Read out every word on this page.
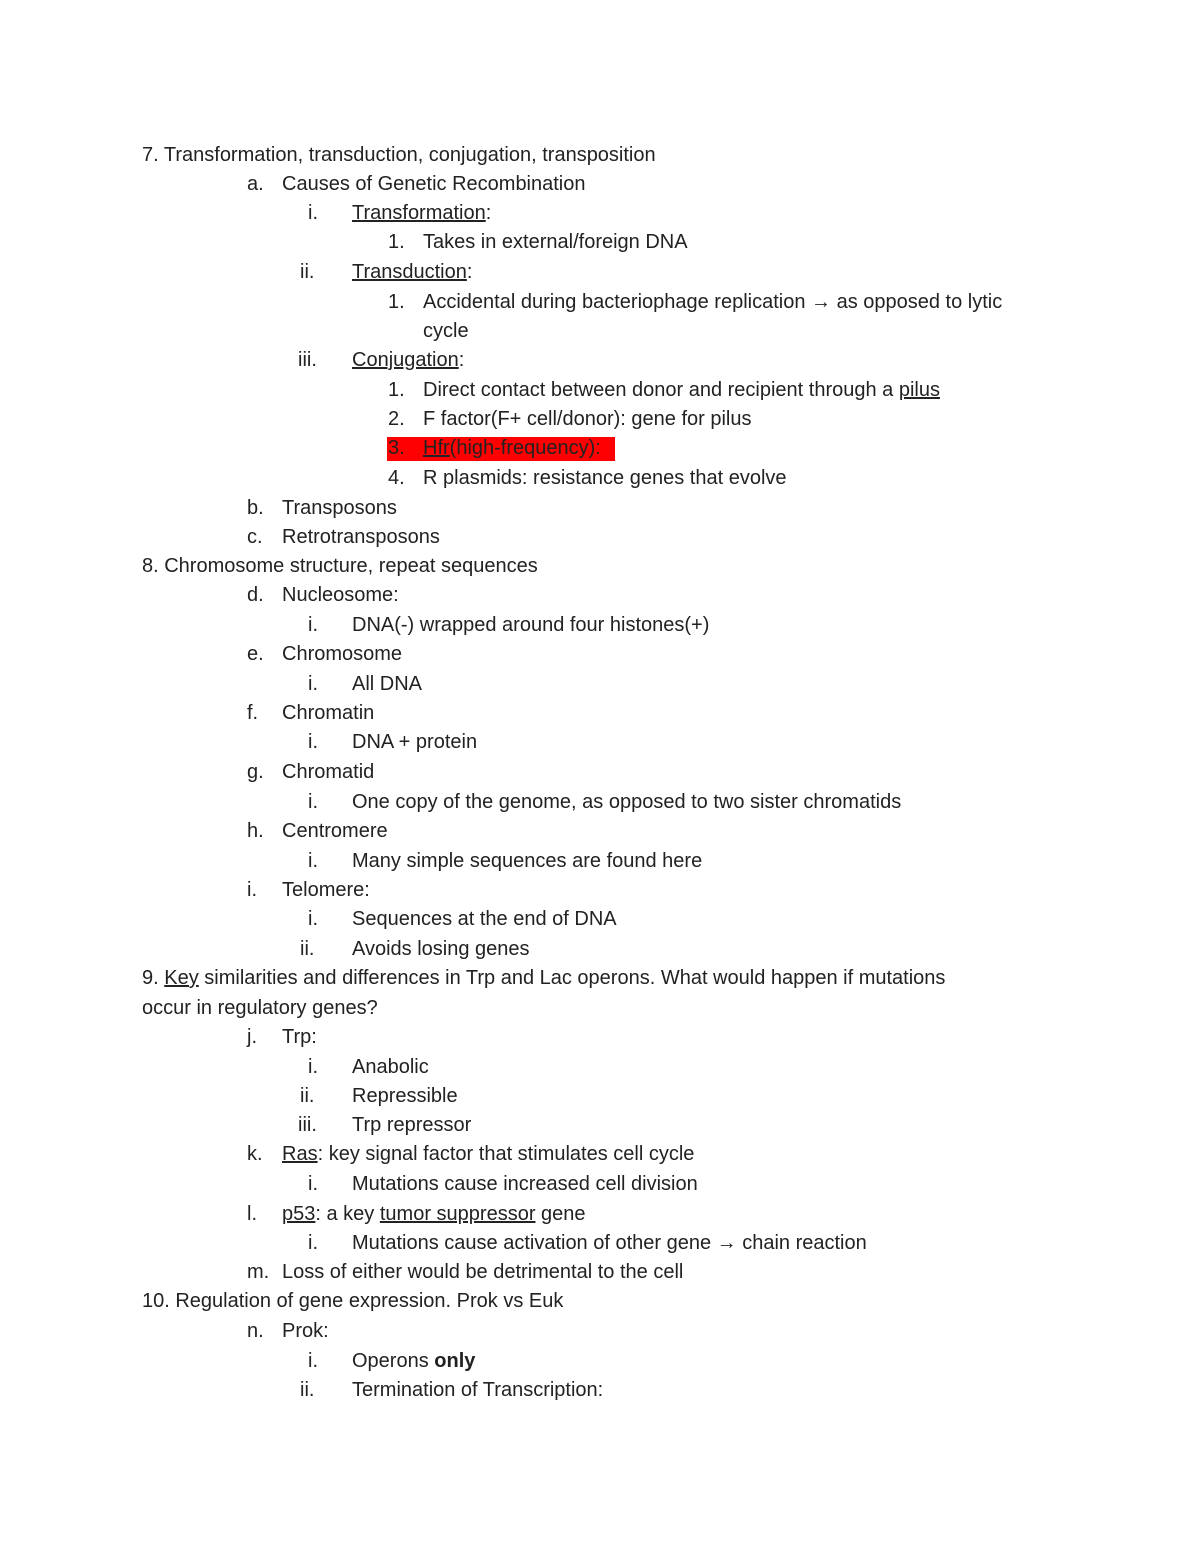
7. Transformation, transduction, conjugation, transposition
a. Causes of Genetic Recombination
i. Transformation:
1. Takes in external/foreign DNA
ii. Transduction:
1. Accidental during bacteriophage replication → as opposed to lytic
cycle
iii. Conjugation:
1. Direct contact between donor and recipient through a pilus
2. F factor(F+ cell/donor): gene for pilus
3. Hfr(high-frequency):
4. R plasmids: resistance genes that evolve
b. Transposons
c. Retrotransposons
8. Chromosome structure, repeat sequences
d. Nucleosome:
i. DNA(-) wrapped around four histones(+)
e. Chromosome
i. All DNA
f. Chromatin
i. DNA + protein
g. Chromatid
i. One copy of the genome, as opposed to two sister chromatids
h. Centromere
i. Many simple sequences are found here
i. Telomere:
i. Sequences at the end of DNA
ii. Avoids losing genes
9. Key similarities and differences in Trp and Lac operons. What would happen if mutations
occur in regulatory genes?
j. Trp:
i. Anabolic
ii. Repressible
iii. Trp repressor
k. Ras: key signal factor that stimulates cell cycle
i. Mutations cause increased cell division
l. p53: a key tumor suppressor gene
i. Mutations cause activation of other gene → chain reaction
m. Loss of either would be detrimental to the cell
10. Regulation of gene expression. Prok vs Euk
n. Prok:
i. Operons only
ii. Termination of Transcription:
